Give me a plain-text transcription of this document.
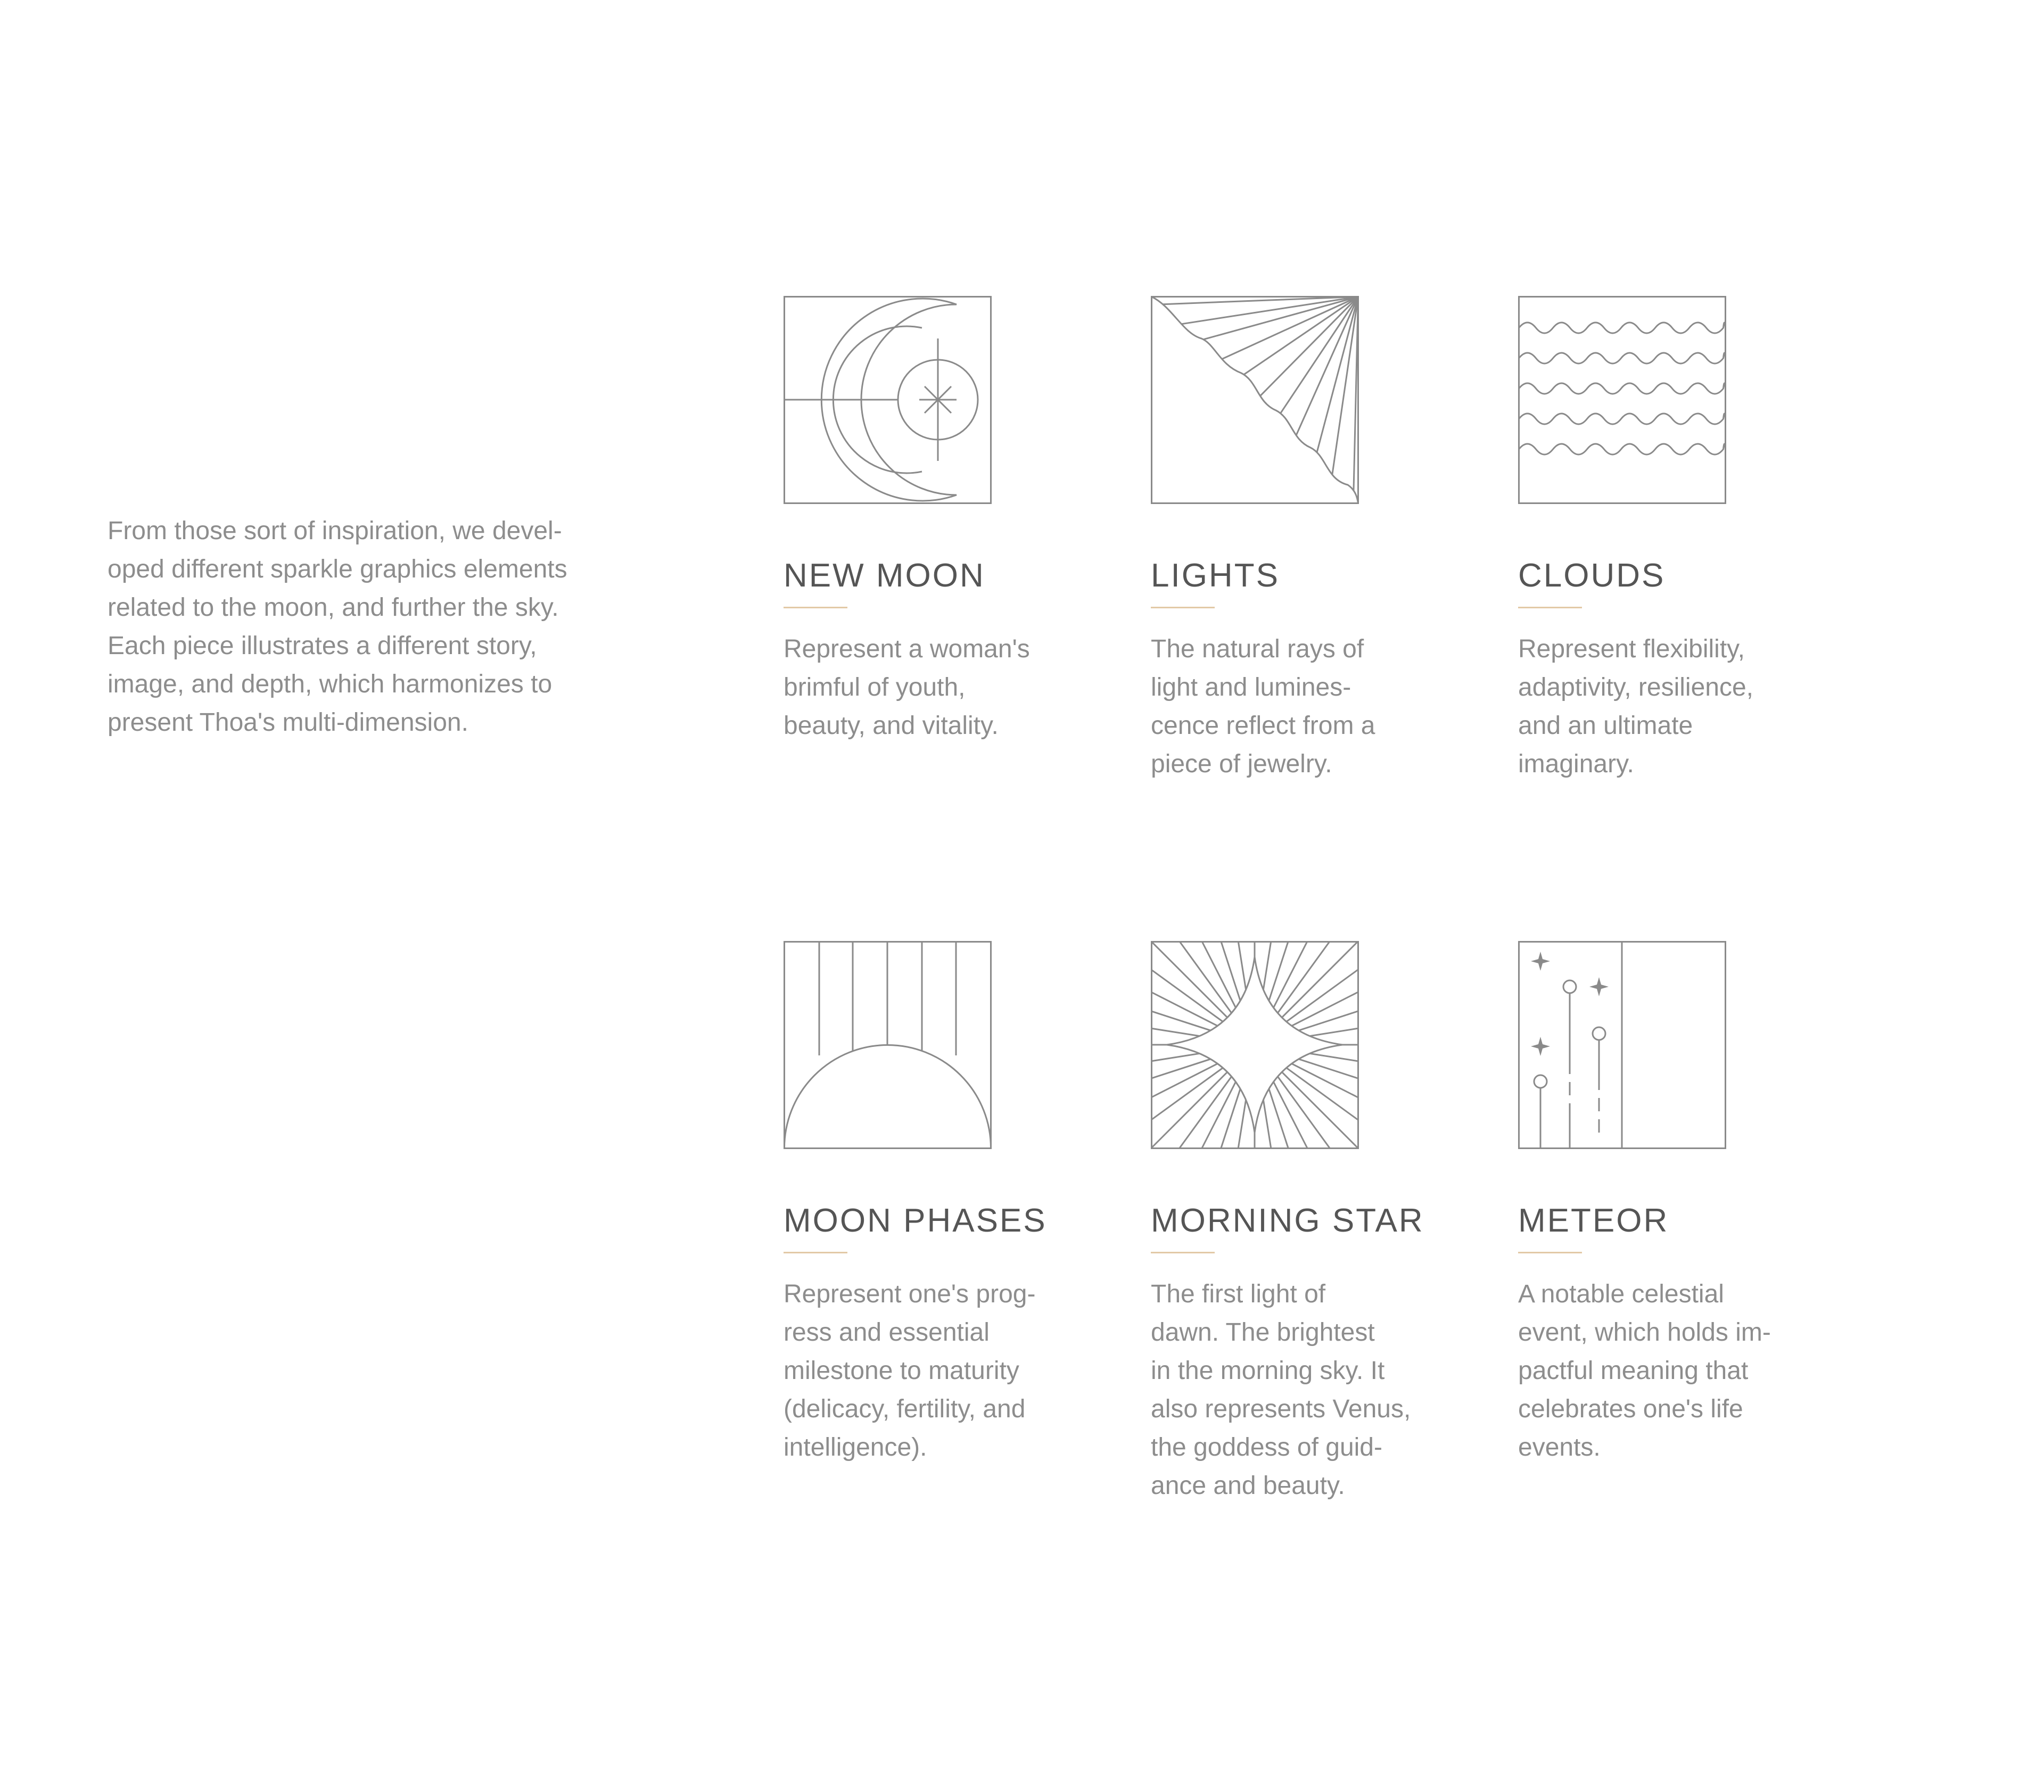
From those sort of inspiration, we devel-
oped different sparkle graphics elements
related to the moon, and further the sky.
Each piece illustrates a different story,
image, and depth, which harmonizes to
present Thoa's multi-dimension.

NEW MOON

Represent a woman's
brimful of youth,
beauty, and vitality.

LIGHTS

The natural rays of
light and lumines-
cence reflect from a
piece of jewelry.

CLOUDS

Represent flexibility,
adaptivity, resilience,
and an ultimate
imaginary.

MOON PHASES

Represent one's prog-
ress and essential
milestone to maturity
(delicacy, fertility, and
intelligence).

MORNING STAR

The first light of
dawn. The brightest
in the morning sky. It
also represents Venus,
the goddess of guid-
ance and beauty.

METEOR

A notable celestial
event, which holds im-
pactful meaning that
celebrates one's life
events.
